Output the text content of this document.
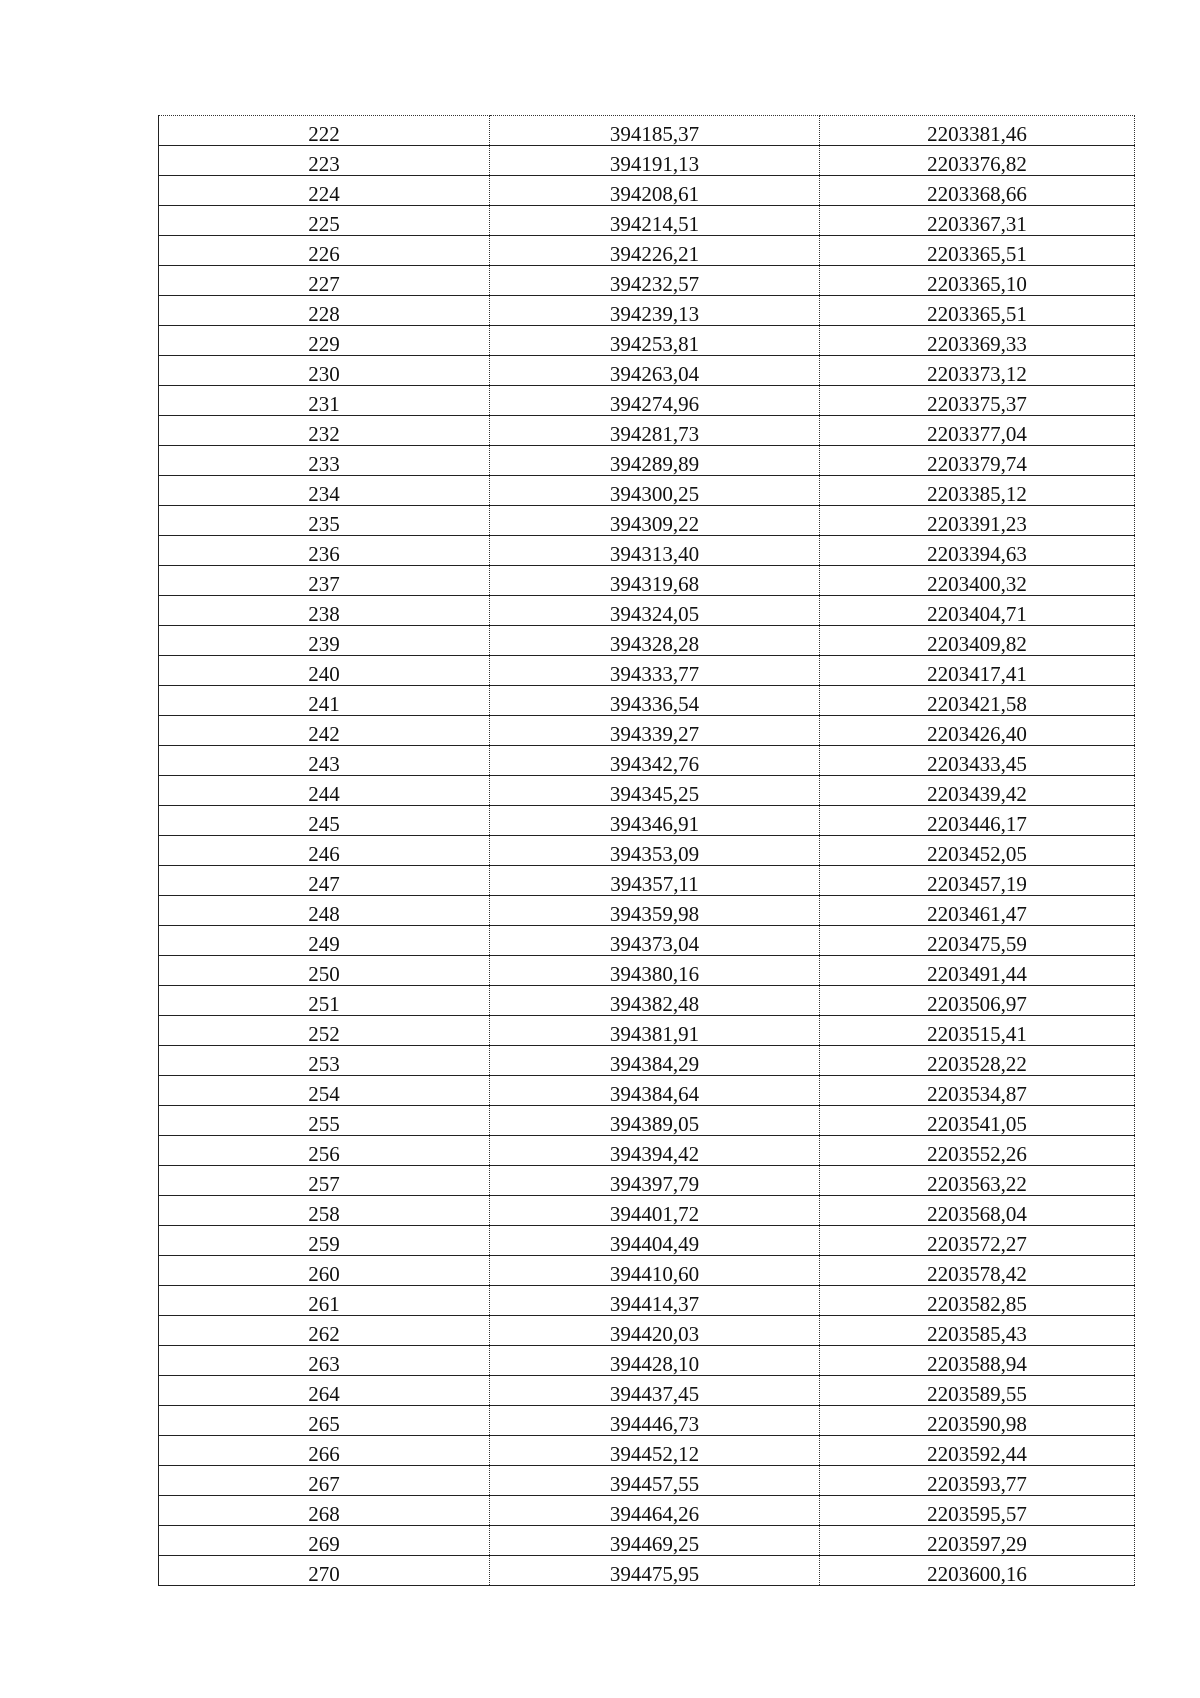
222	394185,37	2203381,46
223	394191,13	2203376,82
224	394208,61	2203368,66
225	394214,51	2203367,31
226	394226,21	2203365,51
227	394232,57	2203365,10
228	394239,13	2203365,51
229	394253,81	2203369,33
230	394263,04	2203373,12
231	394274,96	2203375,37
232	394281,73	2203377,04
233	394289,89	2203379,74
234	394300,25	2203385,12
235	394309,22	2203391,23
236	394313,40	2203394,63
237	394319,68	2203400,32
238	394324,05	2203404,71
239	394328,28	2203409,82
240	394333,77	2203417,41
241	394336,54	2203421,58
242	394339,27	2203426,40
243	394342,76	2203433,45
244	394345,25	2203439,42
245	394346,91	2203446,17
246	394353,09	2203452,05
247	394357,11	2203457,19
248	394359,98	2203461,47
249	394373,04	2203475,59
250	394380,16	2203491,44
251	394382,48	2203506,97
252	394381,91	2203515,41
253	394384,29	2203528,22
254	394384,64	2203534,87
255	394389,05	2203541,05
256	394394,42	2203552,26
257	394397,79	2203563,22
258	394401,72	2203568,04
259	394404,49	2203572,27
260	394410,60	2203578,42
261	394414,37	2203582,85
262	394420,03	2203585,43
263	394428,10	2203588,94
264	394437,45	2203589,55
265	394446,73	2203590,98
266	394452,12	2203592,44
267	394457,55	2203593,77
268	394464,26	2203595,57
269	394469,25	2203597,29
270	394475,95	2203600,16
